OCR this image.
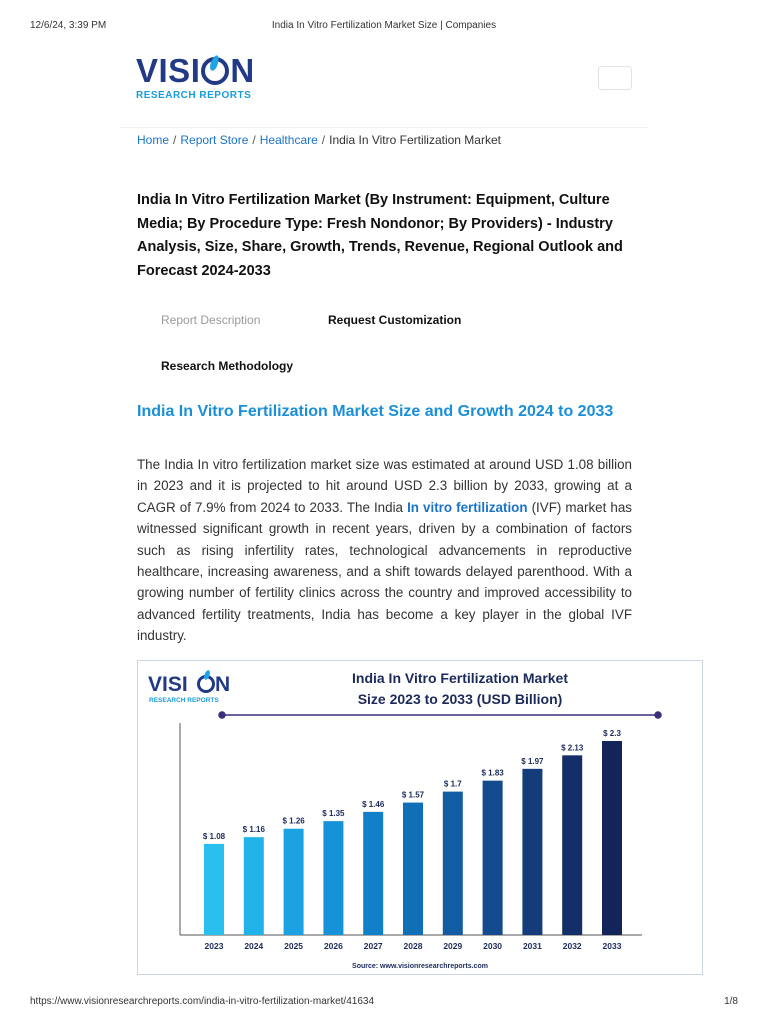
12/6/24, 3:39 PM	India In Vitro Fertilization Market Size | Companies
VISI N
RESEARCH REPORTS
Home / Report Store / Healthcare / India In Vitro Fertilization Market
India In Vitro Fertilization Market (By Instrument: Equipment, Culture Media; By Procedure Type: Fresh Nondonor; By Providers) - Industry Analysis, Size, Share, Growth, Trends, Revenue, Regional Outlook and Forecast 2024-2033
Report Description	Request Customization
Research Methodology
India In Vitro Fertilization Market Size and Growth 2024 to 2033

The India In vitro fertilization market size was estimated at around USD 1.08 billion in 2023 and it is projected to hit around USD 2.3 billion by 2033, growing at a CAGR of 7.9% from 2024 to 2033. The India In vitro fertilization (IVF) market has witnessed significant growth in recent years, driven by a combination of factors such as rising infertility rates, technological advancements in reproductive healthcare, increasing awareness, and a shift towards delayed parenthood. With a growing number of fertility clinics across the country and improved accessibility to advanced fertility treatments, India has become a key player in the global IVF industry.

VISI N
RESEARCH REPORTS
India In Vitro Fertilization Market
Size 2023 to 2033 (USD Billion)
$ 1.08
2023
$ 1.16
2024
$ 1.26
2025
$ 1.35
2026
$ 1.46
2027
$ 1.57
2028
$ 1.7
2029
$ 1.83
2030
$ 1.97
2031
$ 2.13
2032
$ 2.3
2033
Source: www.visionresearchreports.com
https://www.visionresearchreports.com/india-in-vitro-fertilization-market/41634	1/8
